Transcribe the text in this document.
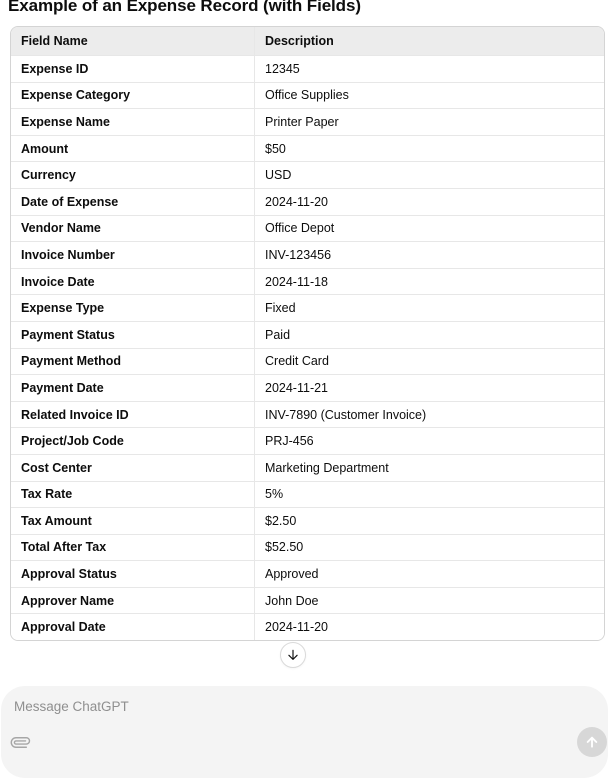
Example of an Expense Record (with Fields)
Field Name	Description
Expense ID	12345
Expense Category	Office Supplies
Expense Name	Printer Paper
Amount	$50
Currency	USD
Date of Expense	2024-11-20
Vendor Name	Office Depot
Invoice Number	INV-123456
Invoice Date	2024-11-18
Expense Type	Fixed
Payment Status	Paid
Payment Method	Credit Card
Payment Date	2024-11-21
Related Invoice ID	INV-7890 (Customer Invoice)
Project/Job Code	PRJ-456
Cost Center	Marketing Department
Tax Rate	5%
Tax Amount	$2.50
Total After Tax	$52.50
Approval Status	Approved
Approver Name	John Doe
Approval Date	2024-11-20
Message ChatGPT
